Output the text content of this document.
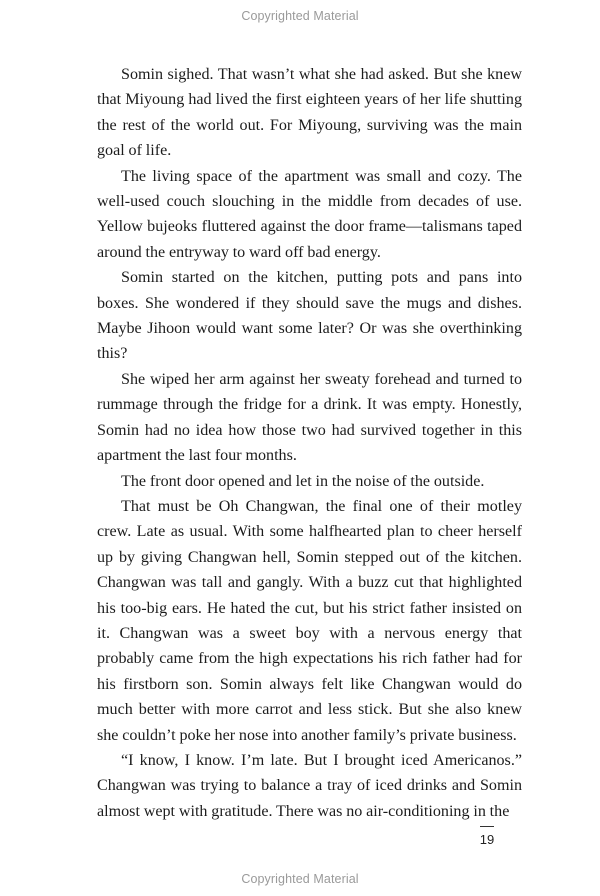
Copyrighted Material

Somin sighed. That wasn’t what she had asked. But she knew that Miyoung had lived the first eighteen years of her life shutting the rest of the world out. For Miyoung, surviving was the main goal of life.

The living space of the apartment was small and cozy. The well-used couch slouching in the middle from decades of use. Yellow bujeoks fluttered against the door frame—talismans taped around the entryway to ward off bad energy.

Somin started on the kitchen, putting pots and pans into boxes. She wondered if they should save the mugs and dishes. Maybe Jihoon would want some later? Or was she overthinking this?

She wiped her arm against her sweaty forehead and turned to rummage through the fridge for a drink. It was empty. Honestly, Somin had no idea how those two had survived together in this apartment the last four months.

The front door opened and let in the noise of the outside.

That must be Oh Changwan, the final one of their motley crew. Late as usual. With some halfhearted plan to cheer herself up by giving Changwan hell, Somin stepped out of the kitchen. Changwan was tall and gangly. With a buzz cut that highlighted his too-big ears. He hated the cut, but his strict father insisted on it. Changwan was a sweet boy with a nervous energy that probably came from the high expectations his rich father had for his firstborn son. Somin always felt like Changwan would do much better with more carrot and less stick. But she also knew she couldn’t poke her nose into another family’s private business.

“I know, I know. I’m late. But I brought iced Americanos.” Changwan was trying to balance a tray of iced drinks and Somin almost wept with gratitude. There was no air-conditioning in the

19
Copyrighted Material
